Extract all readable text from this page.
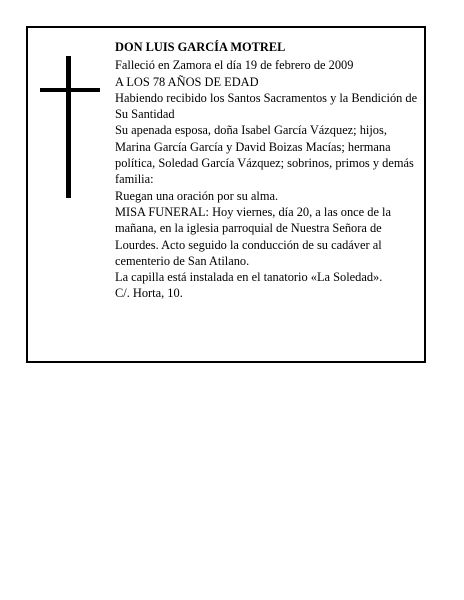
DON LUIS GARCÍA MOTREL

Falleció en Zamora el día 19 de febrero de 2009

A LOS 78 AÑOS DE EDAD

Habiendo recibido los Santos Sacramentos y la Bendición de Su Santidad

Su apenada esposa, doña Isabel García Vázquez; hijos, Marina García García y David Boizas Macías; hermana política, Soledad García Vázquez; sobrinos, primos y demás familia:

Ruegan una oración por su alma.

MISA FUNERAL: Hoy viernes, día 20, a las once de la mañana, en la iglesia parroquial de Nuestra Señora de Lourdes. Acto seguido la conducción de su cadáver al cementerio de San Atilano.

La capilla está instalada en el tanatorio «La Soledad».

C/. Horta, 10.
